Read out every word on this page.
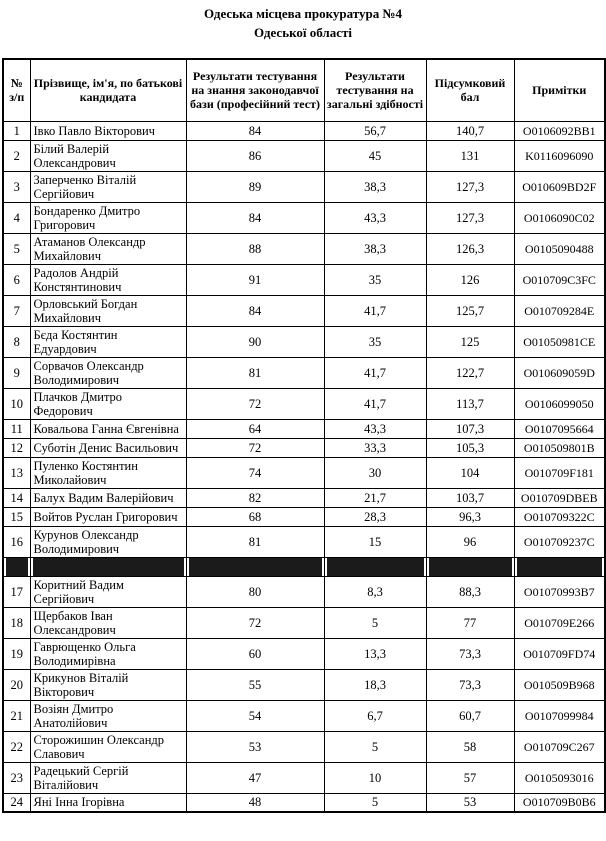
Одеська місцева прокуратура №4
Одеської області
№ з/п	Прізвище, ім'я, по батькові кандидата	Результати тестування на знання законодавчої бази (професійний тест)	Результати тестування на загальні здібності	Підсумковий бал	Примітки
1	Івко Павло Вікторович	84	56,7	140,7	O0106092BB1
2	Білий Валерій Олександрович	86	45	131	K0116096090
3	Заперченко Віталій Сергійович	89	38,3	127,3	O010609BD2F
4	Бондаренко Дмитро Григорович	84	43,3	127,3	O0106090C02
5	Атаманов Олександр Михайлович	88	38,3	126,3	O0105090488
6	Радолов Андрій Констянтинович	91	35	126	O010709C3FC
7	Орловський Богдан Михайлович	84	41,7	125,7	O010709284E
8	Бєда Костянтин Едуардович	90	35	125	O01050981CE
9	Сорвачов Олександр Володимирович	81	41,7	122,7	O010609059D
10	Плачков Дмитро Федорович	72	41,7	113,7	O0106099050
11	Ковальова Ганна Євгенівна	64	43,3	107,3	O0107095664
12	Суботін Денис Васильович	72	33,3	105,3	O010509801B
13	Пуленко Костянтин Миколайович	74	30	104	O010709F181
14	Балух Вадим Валерійович	82	21,7	103,7	O010709DBEB
15	Войтов Руслан Григорович	68	28,3	96,3	O010709322C
16	Курунов Олександр Володимирович	81	15	96	O010709237C

17	Коритний Вадим Сергійович	80	8,3	88,3	O01070993B7
18	Щербаков Іван Олександрович	72	5	77	O010709E266
19	Гаврющенко Ольга Володимирівна	60	13,3	73,3	O010709FD74
20	Крикунов Віталій Вікторович	55	18,3	73,3	O010509B968
21	Возіян Дмитро Анатолійович	54	6,7	60,7	O0107099984
22	Сторожишин Олександр Славович	53	5	58	O010709C267
23	Радецький Сергій Віталійович	47	10	57	O0105093016
24	Яні Інна Ігорівна	48	5	53	O010709B0B6
